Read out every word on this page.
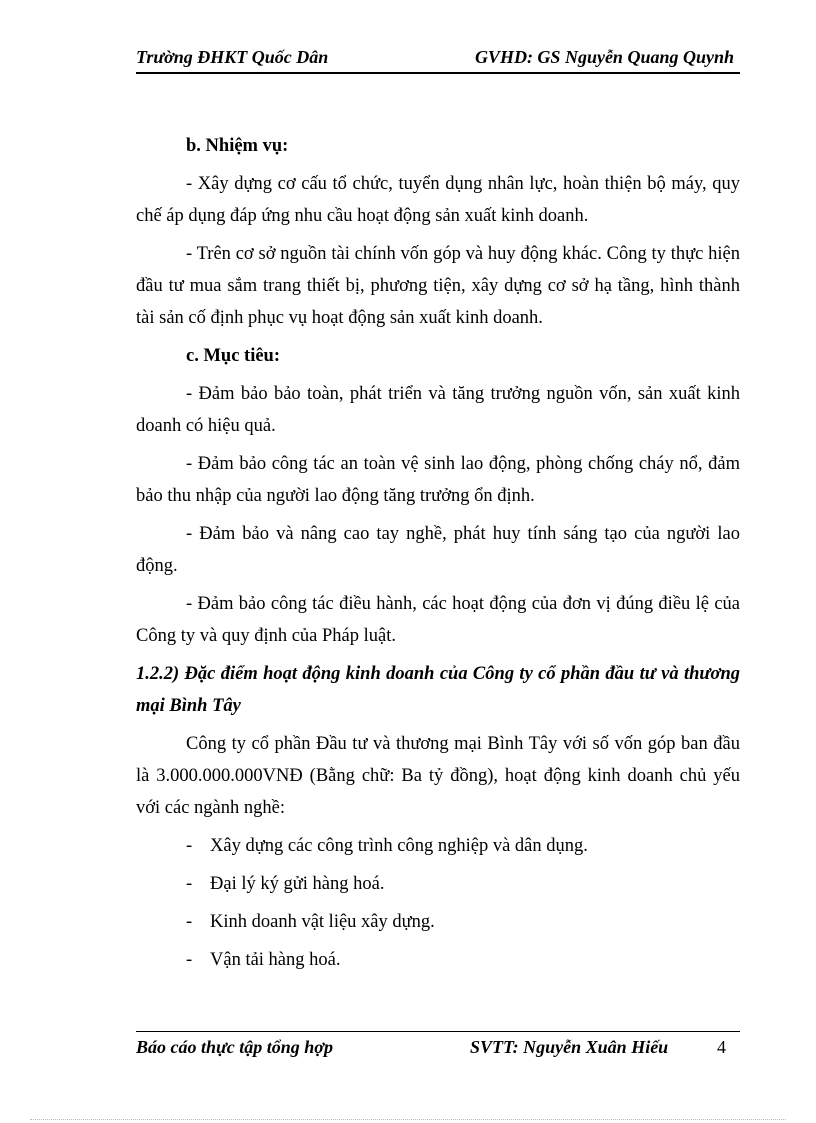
Trường ĐHKT Quốc Dân	GVHD: GS Nguyễn Quang Quynh

b. Nhiệm vụ:

- Xây dựng cơ cấu tổ chức, tuyển dụng nhân lực, hoàn thiện bộ máy, quy chế áp dụng đáp ứng nhu cầu hoạt động sản xuất kinh doanh.

- Trên cơ sở nguồn tài chính vốn góp và huy động khác. Công ty thực hiện đầu tư mua sắm trang thiết bị, phương tiện, xây dựng cơ sở hạ tầng, hình thành tài sản cố định phục vụ hoạt động sản xuất kinh doanh.

c. Mục tiêu:

- Đảm bảo bảo toàn, phát triển và tăng trưởng nguồn vốn, sản xuất kinh doanh có hiệu quả.

- Đảm bảo công tác an toàn vệ sinh lao động, phòng chống cháy nổ, đảm bảo thu nhập của người lao động tăng trưởng ổn định.

- Đảm bảo và nâng cao tay nghề, phát huy tính sáng tạo của người lao động.

- Đảm bảo công tác điều hành, các hoạt động của đơn vị đúng điều lệ của Công ty và quy định của Pháp luật.

1.2.2) Đặc điểm hoạt động kinh doanh của Công ty cổ phần đầu tư và thương mại Bình Tây

Công ty cổ phần Đầu tư và thương mại Bình Tây với số vốn góp ban đầu là 3.000.000.000VNĐ (Bằng chữ: Ba tỷ đồng), hoạt động kinh doanh chủ yếu với các ngành nghề:

- Xây dựng các công trình công nghiệp và dân dụng.
- Đại lý ký gửi hàng hoá.
- Kinh doanh vật liệu xây dựng.
- Vận tải hàng hoá.
Báo cáo thực tập tổng hợp	SVTT: Nguyễn Xuân Hiếu	4
